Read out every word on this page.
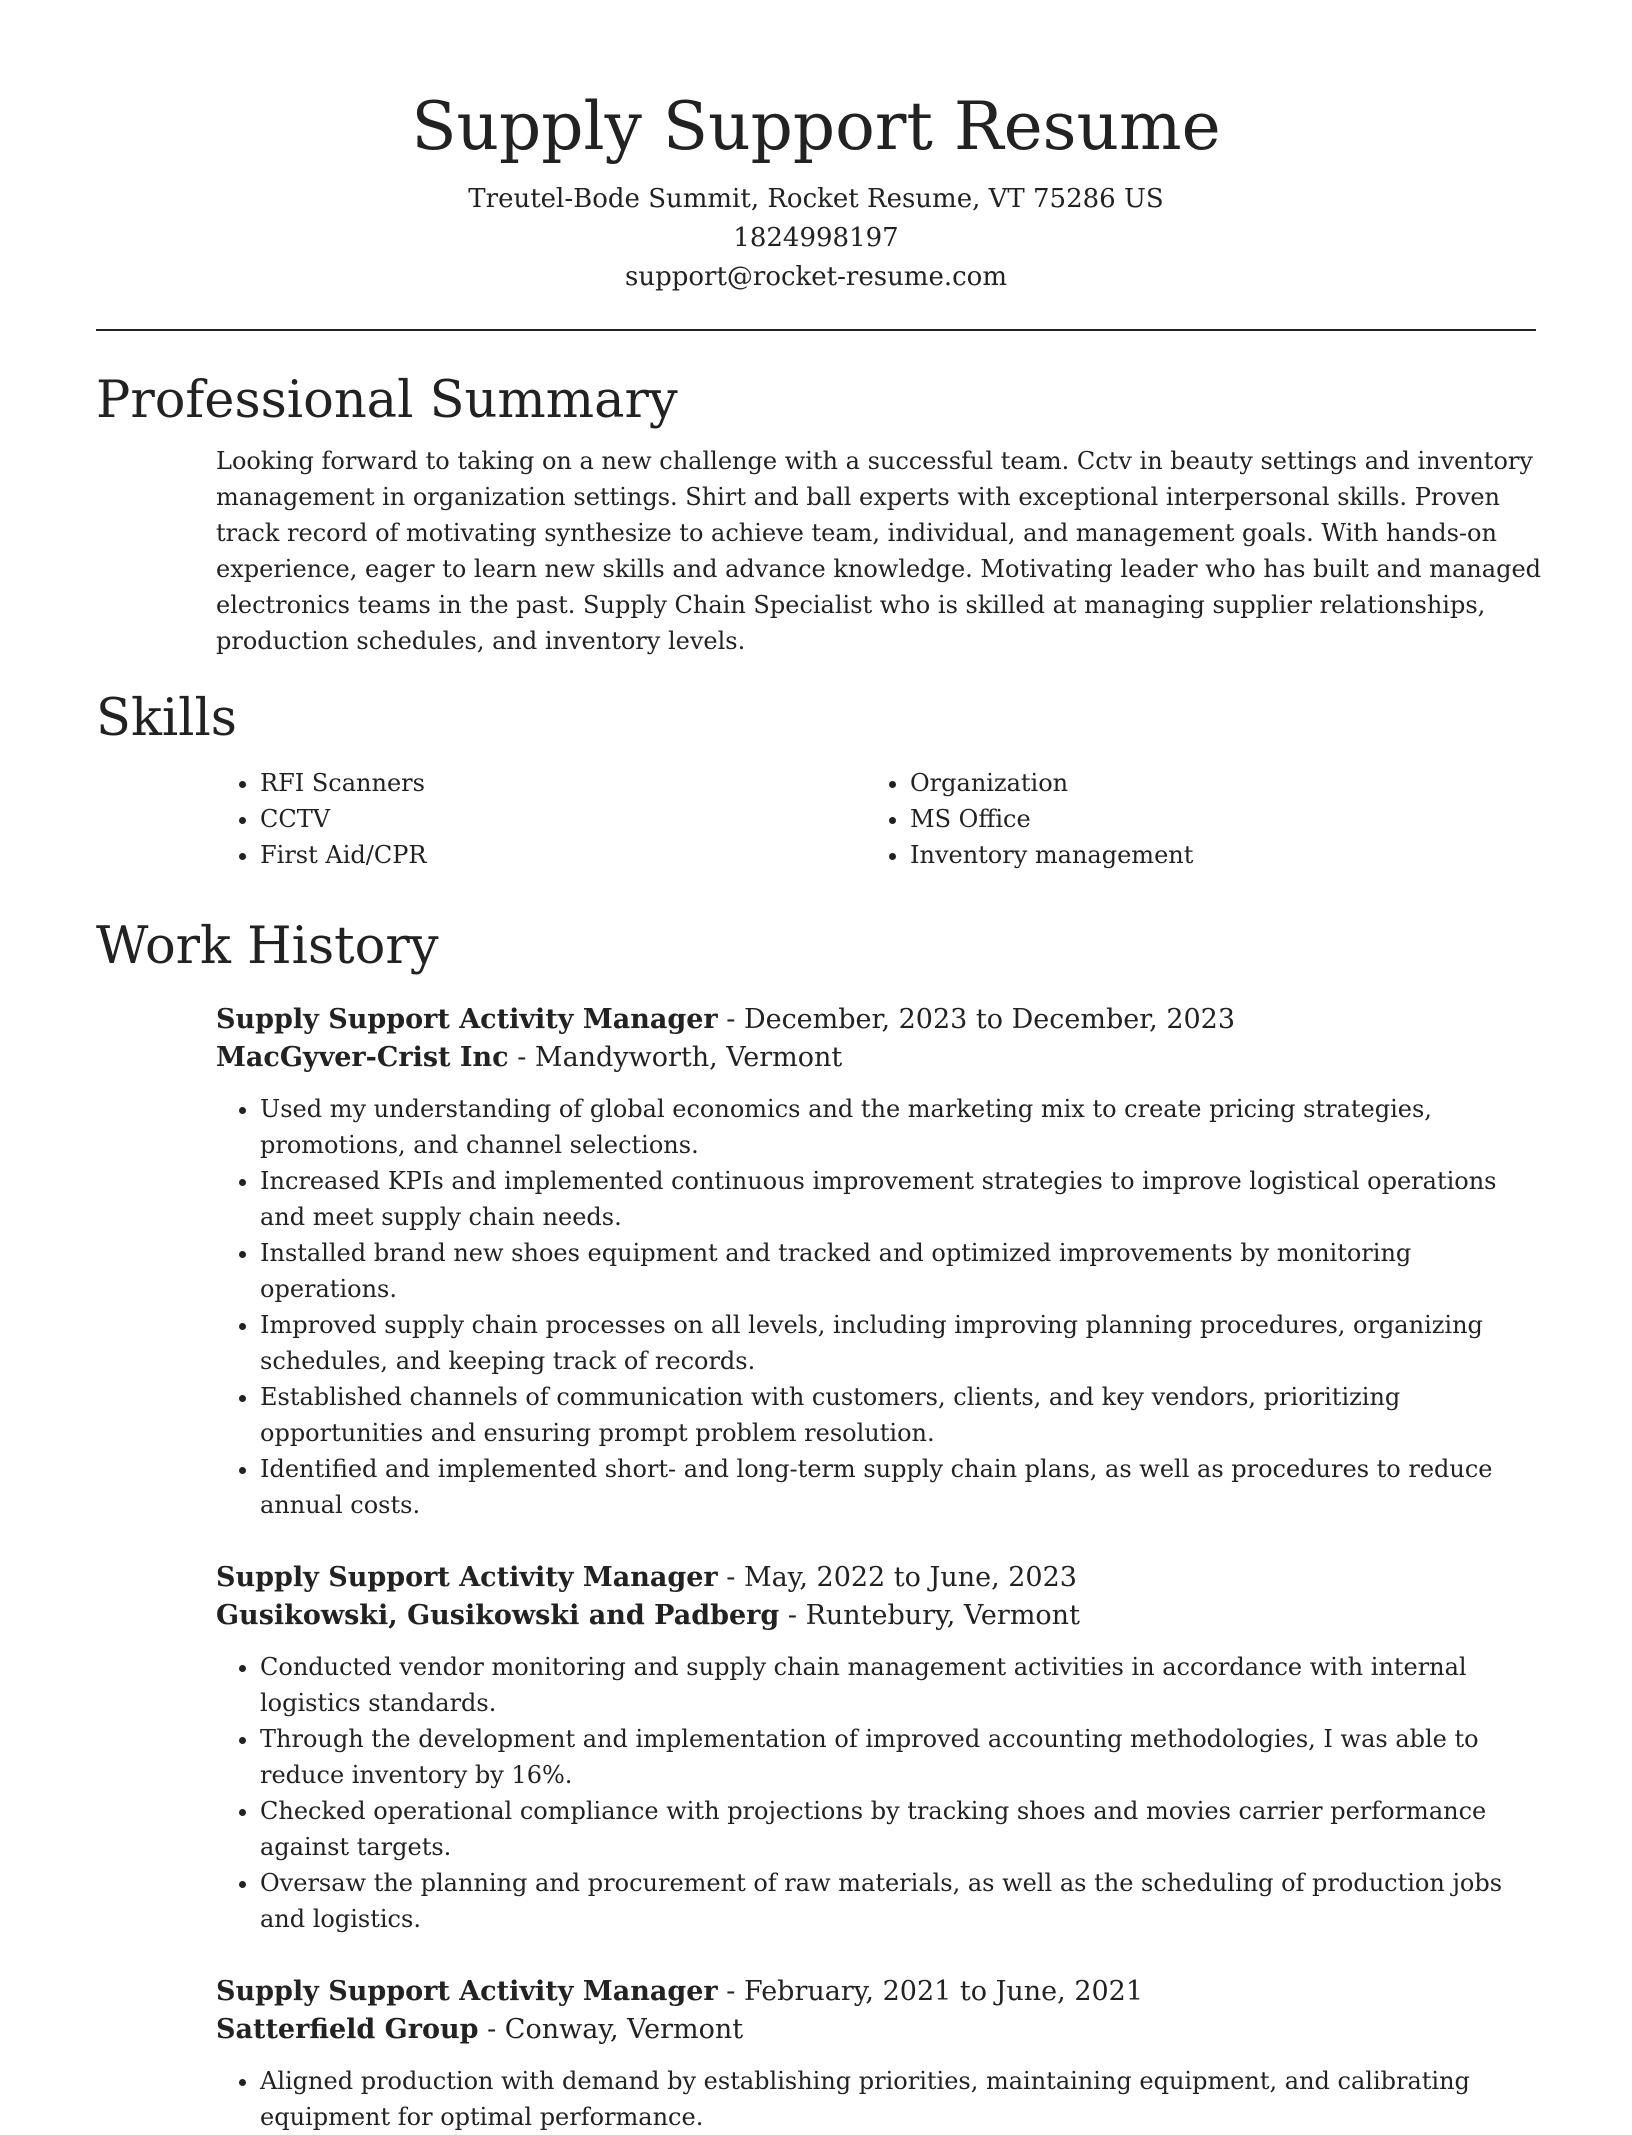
Supply Support Resume
Treutel-Bode Summit, Rocket Resume, VT 75286 US
1824998197
support@rocket-resume.com
Professional Summary

Looking forward to taking on a new challenge with a successful team. Cctv in beauty settings and inventory management in organization settings. Shirt and ball experts with exceptional interpersonal skills. Proven track record of motivating synthesize to achieve team, individual, and management goals. With hands-on experience, eager to learn new skills and advance knowledge. Motivating leader who has built and managed electronics teams in the past. Supply Chain Specialist who is skilled at managing supplier relationships, production schedules, and inventory levels.

Skills
• RFI Scanners
• CCTV
• First Aid/CPR
• Organization
• MS Office
• Inventory management
Work History
Supply Support Activity Manager - December, 2023 to December, 2023
MacGyver-Crist Inc - Mandyworth, Vermont
• Used my understanding of global economics and the marketing mix to create pricing strategies, promotions, and channel selections.
• Increased KPIs and implemented continuous improvement strategies to improve logistical operations and meet supply chain needs.
• Installed brand new shoes equipment and tracked and optimized improvements by monitoring operations.
• Improved supply chain processes on all levels, including improving planning procedures, organizing schedules, and keeping track of records.
• Established channels of communication with customers, clients, and key vendors, prioritizing opportunities and ensuring prompt problem resolution.
• Identified and implemented short- and long-term supply chain plans, as well as procedures to reduce annual costs.
Supply Support Activity Manager - May, 2022 to June, 2023
Gusikowski, Gusikowski and Padberg - Runtebury, Vermont
• Conducted vendor monitoring and supply chain management activities in accordance with internal logistics standards.
• Through the development and implementation of improved accounting methodologies, I was able to reduce inventory by 16%.
• Checked operational compliance with projections by tracking shoes and movies carrier performance against targets.
• Oversaw the planning and procurement of raw materials, as well as the scheduling of production jobs and logistics.
Supply Support Activity Manager - February, 2021 to June, 2021
Satterfield Group - Conway, Vermont
• Aligned production with demand by establishing priorities, maintaining equipment, and calibrating equipment for optimal performance.
